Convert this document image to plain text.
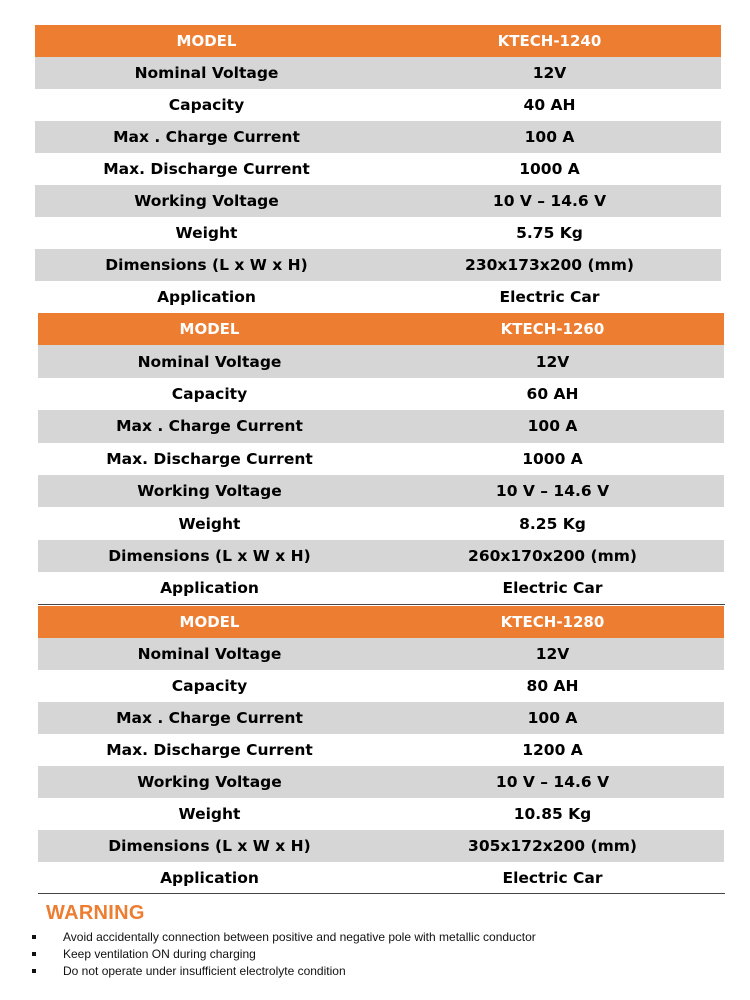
MODEL	KTECH-1240
Nominal Voltage	12V
Capacity	40 AH
Max . Charge Current	100 A
Max. Discharge Current	1000 A
Working Voltage	10 V – 14.6 V
Weight	5.75 Kg
Dimensions (L x W x H)	230x173x200 (mm)
Application	Electric Car
MODEL	KTECH-1260
Nominal Voltage	12V
Capacity	60 AH
Max . Charge Current	100 A
Max. Discharge Current	1000 A
Working Voltage	10 V – 14.6 V
Weight	8.25 Kg
Dimensions (L x W x H)	260x170x200 (mm)
Application	Electric Car
MODEL	KTECH-1280
Nominal Voltage	12V
Capacity	80 AH
Max . Charge Current	100 A
Max. Discharge Current	1200 A
Working Voltage	10 V – 14.6 V
Weight	10.85 Kg
Dimensions (L x W x H)	305x172x200 (mm)
Application	Electric Car
WARNING
Avoid accidentally connection between positive and negative pole with metallic conductor
Keep ventilation ON during charging
Do not operate under insufficient electrolyte condition
